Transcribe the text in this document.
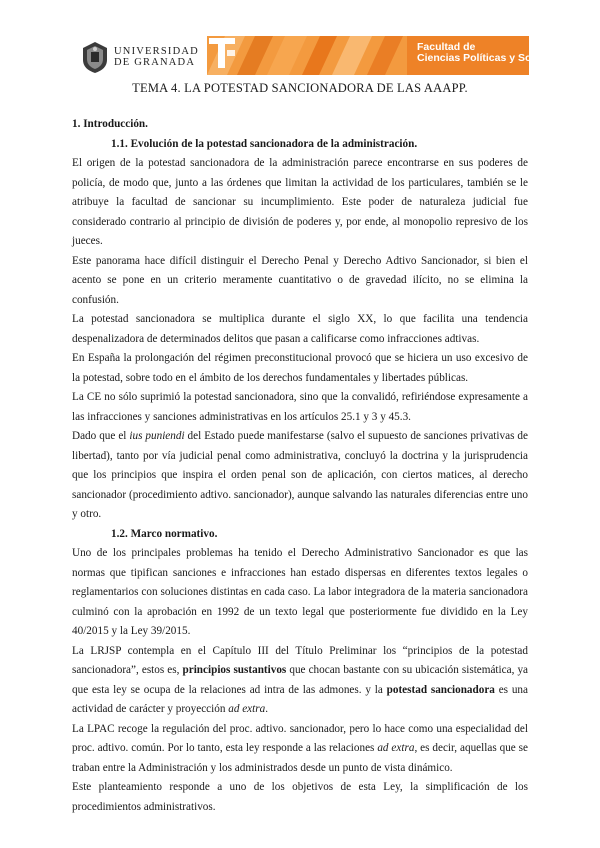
UNIVERSIDAD
DE GRANADA
Facultad de
Ciencias Políticas y Sociología
TEMA 4. LA POTESTAD SANCIONADORA DE LAS AAAPP.

1. Introducción.

1.1. Evolución de la potestad sancionadora de la administración.

El origen de la potestad sancionadora de la administración parece encontrarse en sus poderes de policía, de modo que, junto a las órdenes que limitan la actividad de los particulares, también se le atribuye la facultad de sancionar su incumplimiento. Este poder de naturaleza judicial fue considerado contrario al principio de división de poderes y, por ende, al monopolio represivo de los jueces.

Este panorama hace difícil distinguir el Derecho Penal y Derecho Adtivo Sancionador, si bien el acento se pone en un criterio meramente cuantitativo o de gravedad ilícito, no se elimina la confusión.

La potestad sancionadora se multiplica durante el siglo XX, lo que facilita una tendencia despenalizadora de determinados delitos que pasan a calificarse como infracciones adtivas.

En España la prolongación del régimen preconstitucional provocó que se hiciera un uso excesivo de la potestad, sobre todo en el ámbito de los derechos fundamentales y libertades públicas.

La CE no sólo suprimió la potestad sancionadora, sino que la convalidó, refiriéndose expresamente a las infracciones y sanciones administrativas en los artículos 25.1 y 3 y 45.3.

Dado que el ius puniendi del Estado puede manifestarse (salvo el supuesto de sanciones privativas de libertad), tanto por vía judicial penal como administrativa, concluyó la doctrina y la jurisprudencia que los principios que inspira el orden penal son de aplicación, con ciertos matices, al derecho sancionador (procedimiento adtivo. sancionador), aunque salvando las naturales diferencias entre uno y otro.

1.2. Marco normativo.

Uno de los principales problemas ha tenido el Derecho Administrativo Sancionador es que las normas que tipifican sanciones e infracciones han estado dispersas en diferentes textos legales o reglamentarios con soluciones distintas en cada caso. La labor integradora de la materia sancionadora culminó con la aprobación en 1992 de un texto legal que posteriormente fue dividido en la Ley 40/2015 y la Ley 39/2015.

La LRJSP contempla en el Capítulo III del Título Preliminar los “principios de la potestad sancionadora”, estos es, principios sustantivos que chocan bastante con su ubicación sistemática, ya que esta ley se ocupa de la relaciones ad intra de las admones. y la potestad sancionadora es una actividad de carácter y proyección ad extra.

La LPAC recoge la regulación del proc. adtivo. sancionador, pero lo hace como una especialidad del proc. adtivo. común. Por lo tanto, esta ley responde a las relaciones ad extra, es decir, aquellas que se traban entre la Administración y los administrados desde un punto de vista dinámico.

Este planteamiento responde a uno de los objetivos de esta Ley, la simplificación de los procedimientos administrativos.
